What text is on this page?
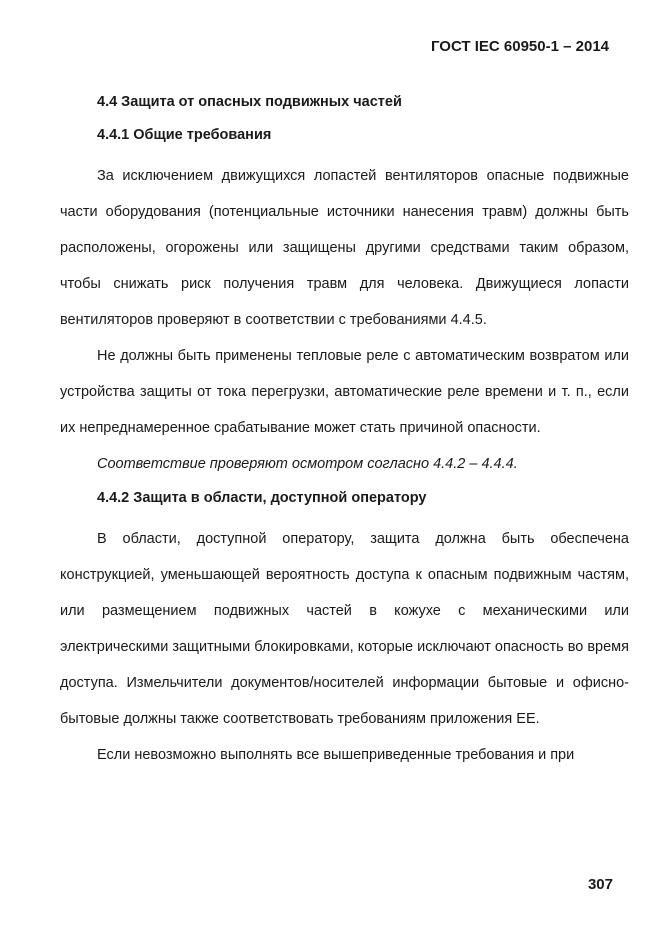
ГОСТ IEC 60950-1 – 2014
4.4 Защита от опасных подвижных частей
4.4.1 Общие требования

За исключением движущихся лопастей вентиляторов опасные подвижные части оборудования (потенциальные источники нанесения травм) должны быть расположены, огорожены или защищены другими средствами таким образом, чтобы снижать риск получения травм для человека. Движущиеся лопасти вентиляторов проверяют в соответствии с требованиями 4.4.5.

Не должны быть применены тепловые реле с автоматическим возвратом или устройства защиты от тока перегрузки, автоматические реле времени и т. п., если их непреднамеренное срабатывание может стать причиной опасности.

Соответствие проверяют осмотром согласно 4.4.2 – 4.4.4.

4.4.2 Защита в области, доступной оператору

В области, доступной оператору, защита должна быть обеспечена конструкцией, уменьшающей вероятность доступа к опасным подвижным частям, или размещением подвижных частей в кожухе с механическими или электрическими защитными блокировками, которые исключают опасность во время доступа. Измельчители документов/носителей информации бытовые и офисно-бытовые должны также соответствовать требованиям приложения ЕЕ.

Если невозможно выполнять все вышеприведенные требования и при

307
